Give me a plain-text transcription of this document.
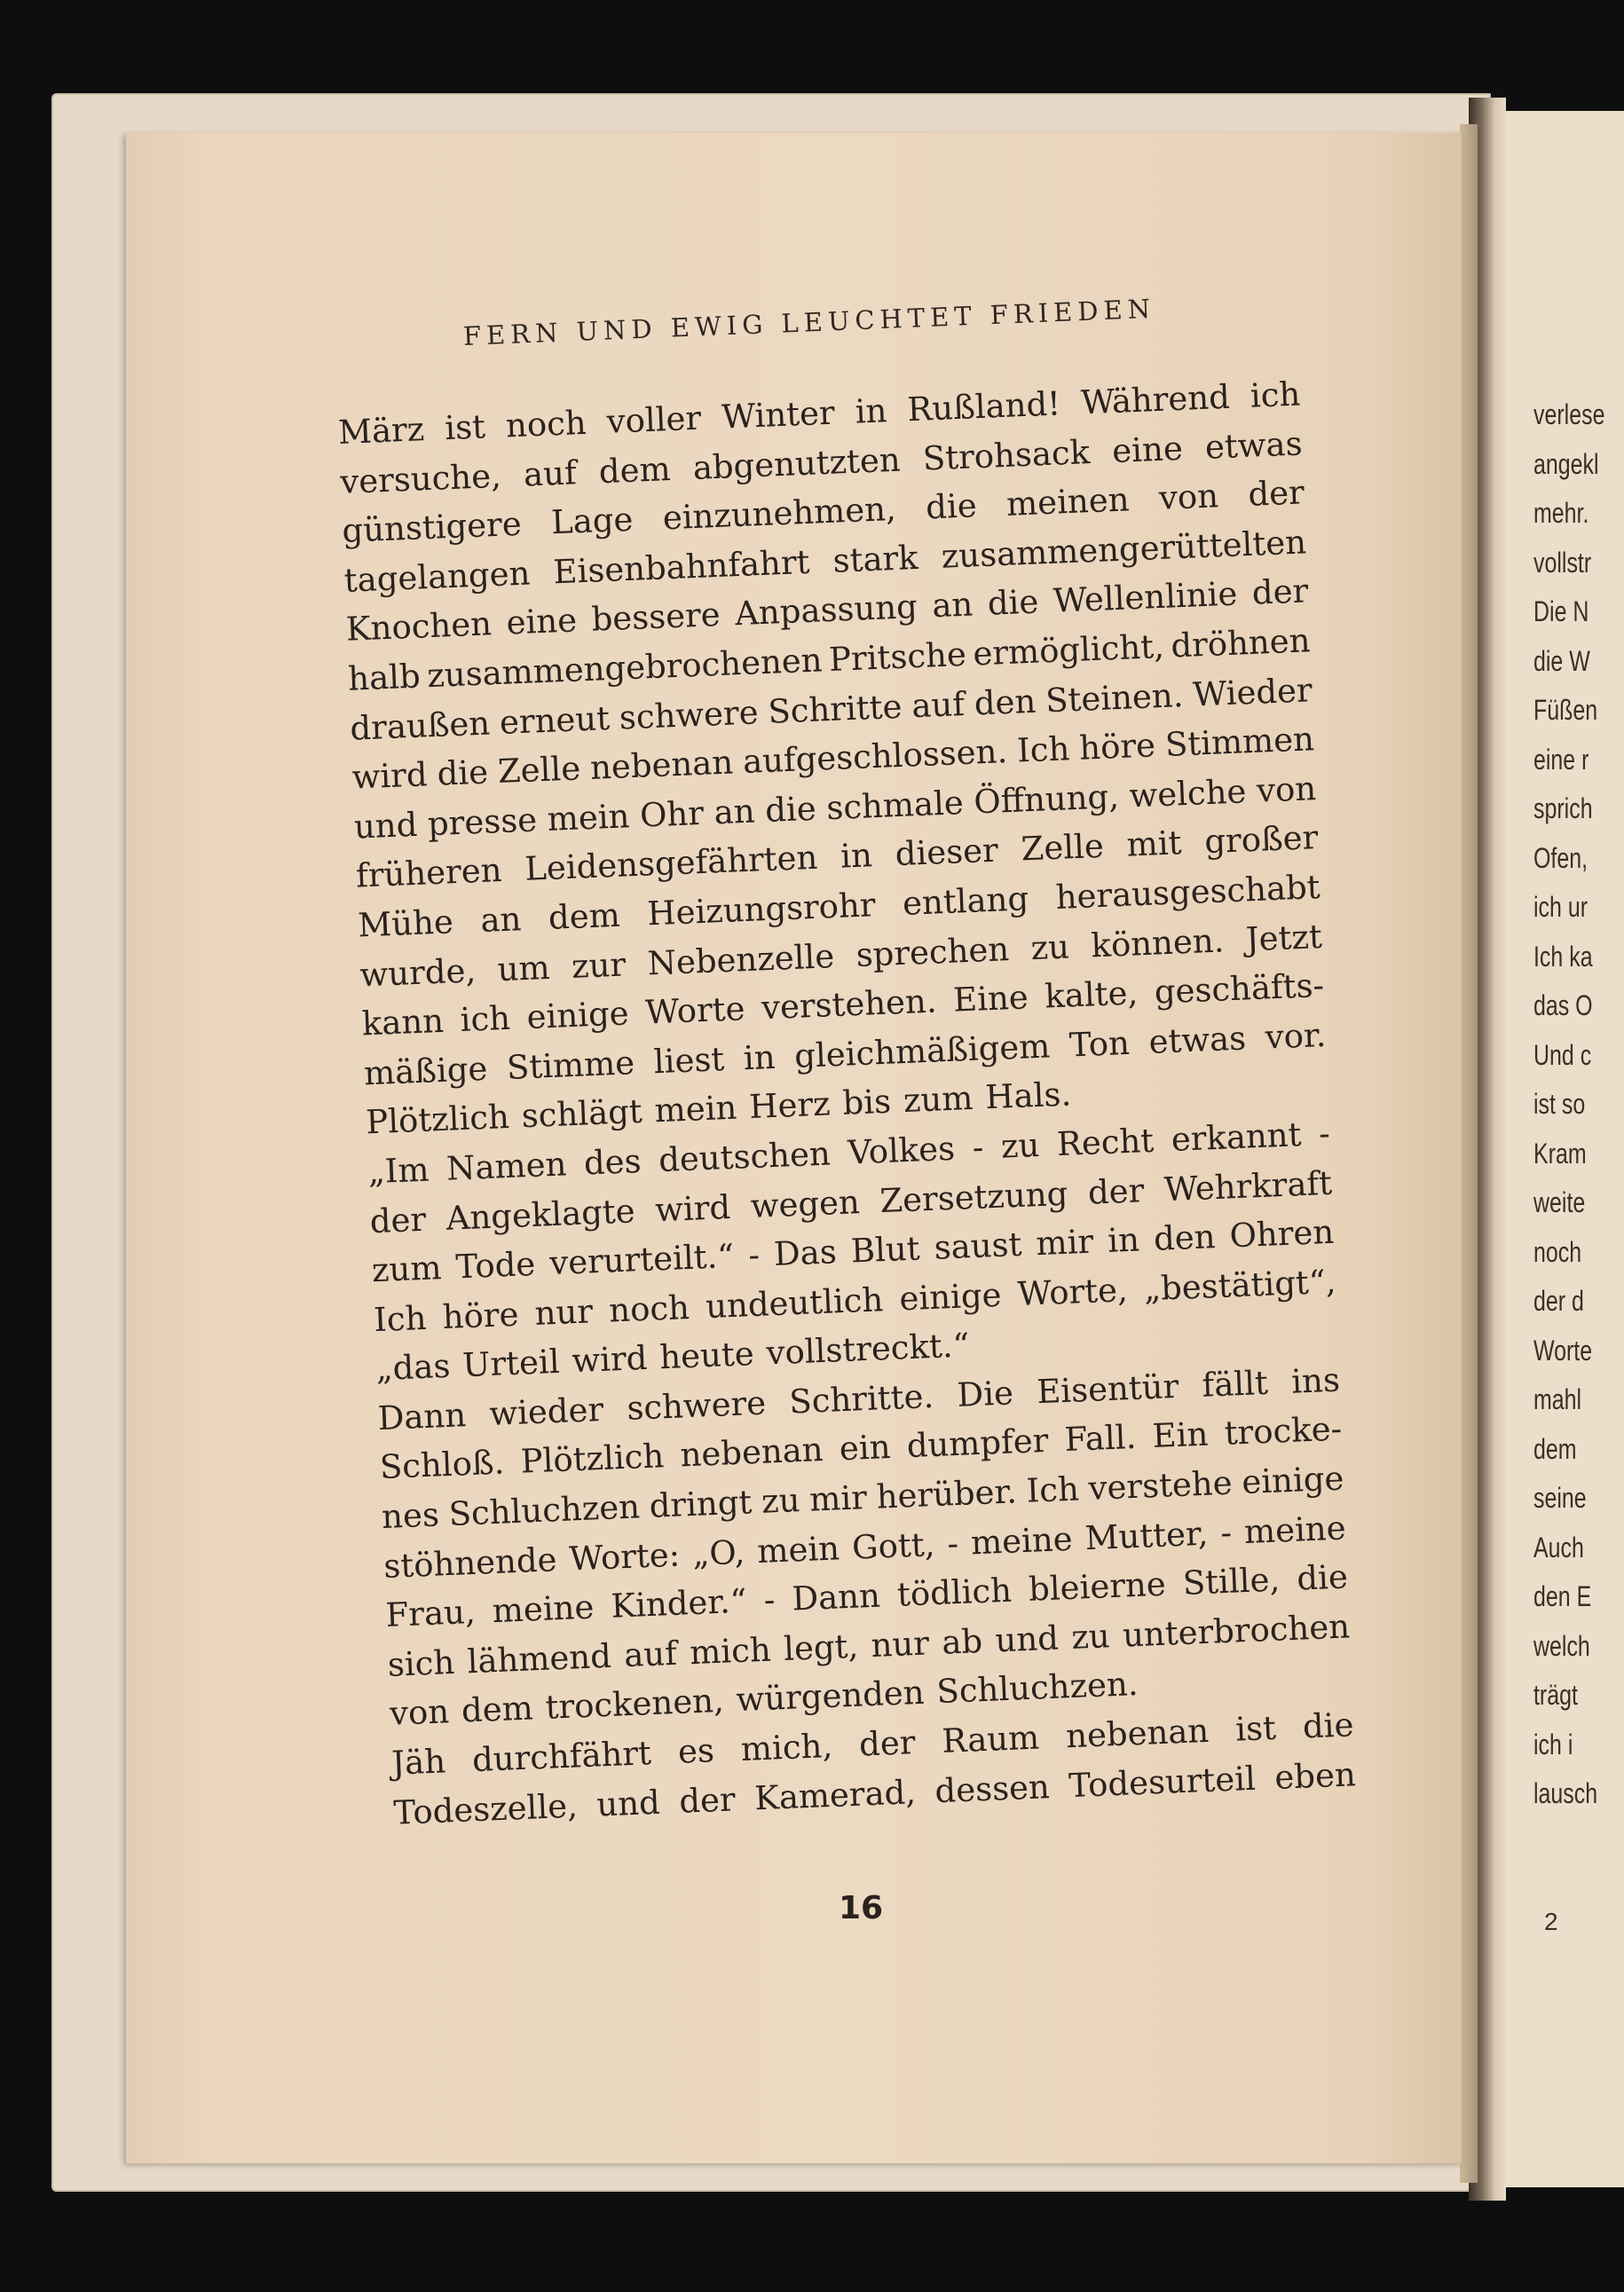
FERN UND EWIG LEUCHTET FRIEDEN
März ist noch voller Winter in Rußland! Während ich
versuche, auf dem abgenutzten Strohsack eine etwas
günstigere Lage einzunehmen, die meinen von der
tagelangen Eisenbahnfahrt stark zusammengerüttelten
Knochen eine bessere Anpassung an die Wellenlinie der
halb zusammengebrochenen Pritsche ermöglicht, dröhnen
draußen erneut schwere Schritte auf den Steinen. Wieder
wird die Zelle nebenan aufgeschlossen. Ich höre Stimmen
und presse mein Ohr an die schmale Öffnung, welche von
früheren Leidensgefährten in dieser Zelle mit großer
Mühe an dem Heizungsrohr entlang herausgeschabt
wurde, um zur Nebenzelle sprechen zu können. Jetzt
kann ich einige Worte verstehen. Eine kalte, geschäfts-
mäßige Stimme liest in gleichmäßigem Ton etwas vor.
Plötzlich schlägt mein Herz bis zum Hals.
„Im Namen des deutschen Volkes - zu Recht erkannt -
der Angeklagte wird wegen Zersetzung der Wehrkraft
zum Tode verurteilt.“ - Das Blut saust mir in den Ohren
Ich höre nur noch undeutlich einige Worte, „bestätigt“,
„das Urteil wird heute vollstreckt.“
Dann wieder schwere Schritte. Die Eisentür fällt ins
Schloß. Plötzlich nebenan ein dumpfer Fall. Ein trocke-
nes Schluchzen dringt zu mir herüber. Ich verstehe einige
stöhnende Worte: „O, mein Gott, - meine Mutter, - meine
Frau, meine Kinder.“ - Dann tödlich bleierne Stille, die
sich lähmend auf mich legt, nur ab und zu unterbrochen
von dem trockenen, würgenden Schluchzen.
Jäh durchfährt es mich, der Raum nebenan ist die
Todeszelle, und der Kamerad, dessen Todesurteil eben
16
verlese
angekl
mehr.
vollstr
Die N
die W
Füßen
eine r
sprich
Ofen,
ich ur
Ich ka
das O
Und c
ist so
Kram
weite
noch
der d
Worte
mahl
dem
seine
Auch
den E
welch
trägt
ich i
lausch
2
